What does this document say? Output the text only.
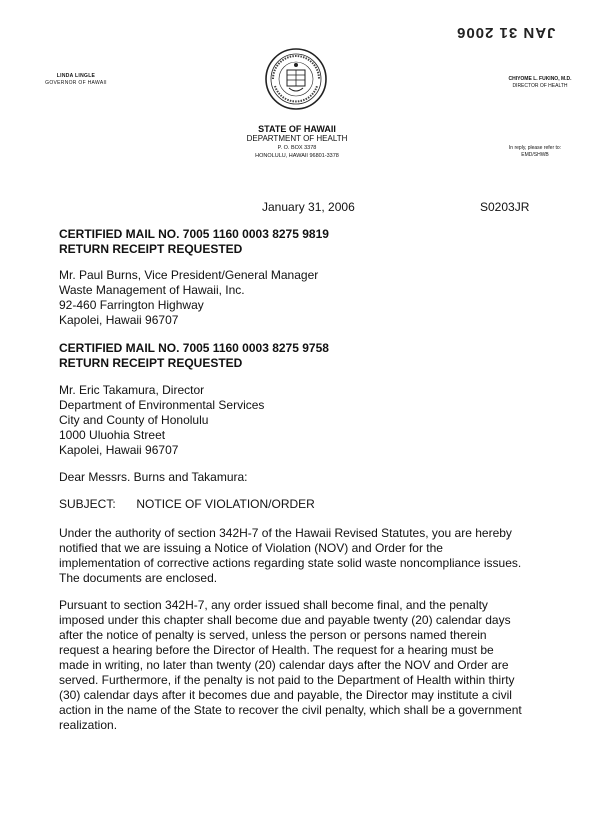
JAN 31 2006
LINDA LINGLE
GOVERNOR OF HAWAII
CHIYOME L. FUKINO, M.D.
DIRECTOR OF HEALTH
STATE OF HAWAII
DEPARTMENT OF HEALTH
P. O. BOX 3378
HONOLULU, HAWAII 96801-3378
In reply, please refer to:
EMD/SHWB
January 31, 2006	S0203JR
CERTIFIED MAIL NO. 7005 1160 0003 8275 9819
RETURN RECEIPT REQUESTED
Mr. Paul Burns, Vice President/General Manager
Waste Management of Hawaii, Inc.
92-460 Farrington Highway
Kapolei, Hawaii 96707
CERTIFIED MAIL NO. 7005 1160 0003 8275 9758
RETURN RECEIPT REQUESTED
Mr. Eric Takamura, Director
Department of Environmental Services
City and County of Honolulu
1000 Uluohia Street
Kapolei, Hawaii 96707
Dear Messrs. Burns and Takamura:
SUBJECT: NOTICE OF VIOLATION/ORDER
Under the authority of section 342H-7 of the Hawaii Revised Statutes, you are hereby
notified that we are issuing a Notice of Violation (NOV) and Order for the
implementation of corrective actions regarding state solid waste noncompliance issues.
The documents are enclosed.
Pursuant to section 342H-7, any order issued shall become final, and the penalty
imposed under this chapter shall become due and payable twenty (20) calendar days
after the notice of penalty is served, unless the person or persons named therein
request a hearing before the Director of Health. The request for a hearing must be
made in writing, no later than twenty (20) calendar days after the NOV and Order are
served. Furthermore, if the penalty is not paid to the Department of Health within thirty
(30) calendar days after it becomes due and payable, the Director may institute a civil
action in the name of the State to recover the civil penalty, which shall be a government
realization.
